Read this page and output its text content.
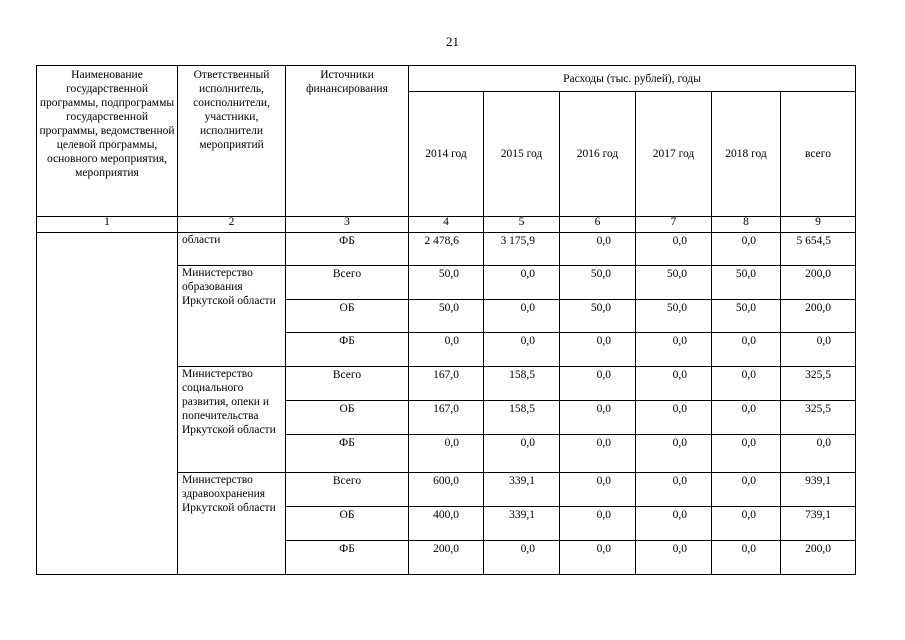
21
Наименование государственной программы, подпрограммы государственной программы, ведомственной целевой программы, основного мероприятия, мероприятия	Ответственный исполнитель, соисполнители, участники, исполнители мероприятий	Источники финансирования	Расходы (тыс. рублей), годы					
			2014 год	2015 год	2016 год	2017 год	2018 год	всего
1	2	3	4	5	6	7	8	9
	области	ФБ	2 478,6	3 175,9	0,0	0,0	0,0	5 654,5
	Министерство образования Иркутской области	Всего	50,0	0,0	50,0	50,0	50,0	200,0
		ОБ	50,0	0,0	50,0	50,0	50,0	200,0
		ФБ	0,0	0,0	0,0	0,0	0,0	0,0
	Министерство социального развития, опеки и попечительства Иркутской области	Всего	167,0	158,5	0,0	0,0	0,0	325,5
		ОБ	167,0	158,5	0,0	0,0	0,0	325,5
		ФБ	0,0	0,0	0,0	0,0	0,0	0,0
	Министерство здравоохранения Иркутской области	Всего	600,0	339,1	0,0	0,0	0,0	939,1
		ОБ	400,0	339,1	0,0	0,0	0,0	739,1
		ФБ	200,0	0,0	0,0	0,0	0,0	200,0
